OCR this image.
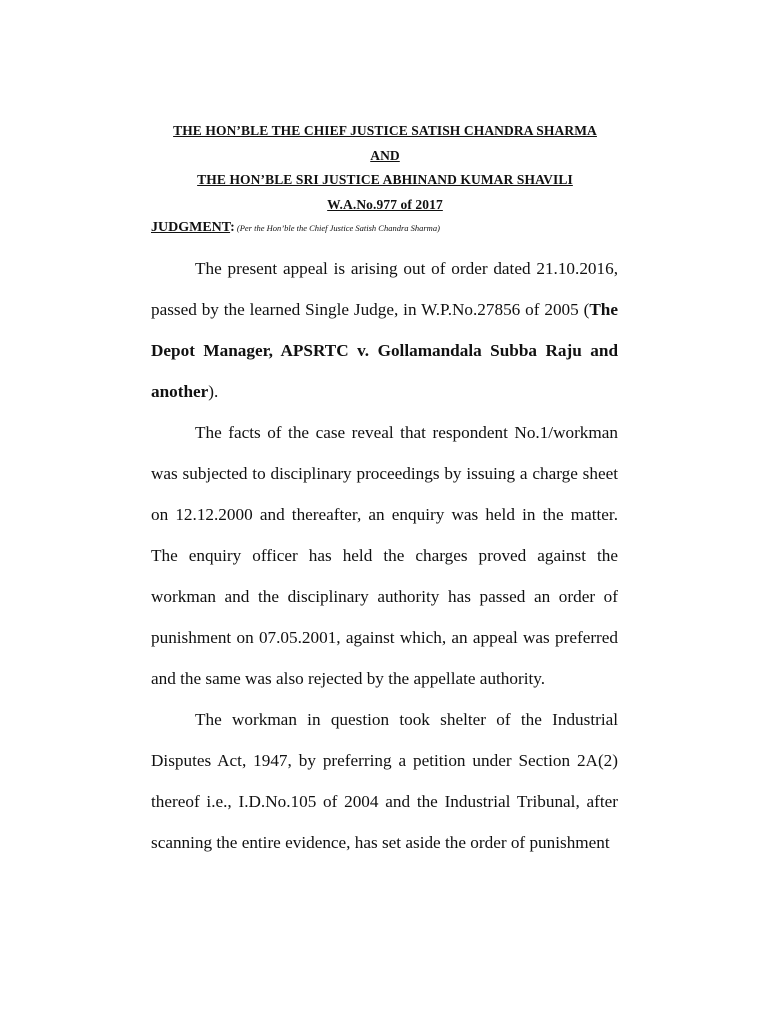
THE HON’BLE THE CHIEF JUSTICE SATISH CHANDRA SHARMA
AND
THE HON’BLE SRI JUSTICE ABHINAND KUMAR SHAVILI
W.A.No.977 of 2017
JUDGMENT: (Per the Hon’ble the Chief Justice Satish Chandra Sharma)

The present appeal is arising out of order dated 21.10.2016, passed by the learned Single Judge, in W.P.No.27856 of 2005 (The Depot Manager, APSRTC v. Gollamandala Subba Raju and another).

The facts of the case reveal that respondent No.1/workman was subjected to disciplinary proceedings by issuing a charge sheet on 12.12.2000 and thereafter, an enquiry was held in the matter. The enquiry officer has held the charges proved against the workman and the disciplinary authority has passed an order of punishment on 07.05.2001, against which, an appeal was preferred and the same was also rejected by the appellate authority.

The workman in question took shelter of the Industrial Disputes Act, 1947, by preferring a petition under Section 2A(2) thereof i.e., I.D.No.105 of 2004 and the Industrial Tribunal, after scanning the entire evidence, has set aside the order of punishment
